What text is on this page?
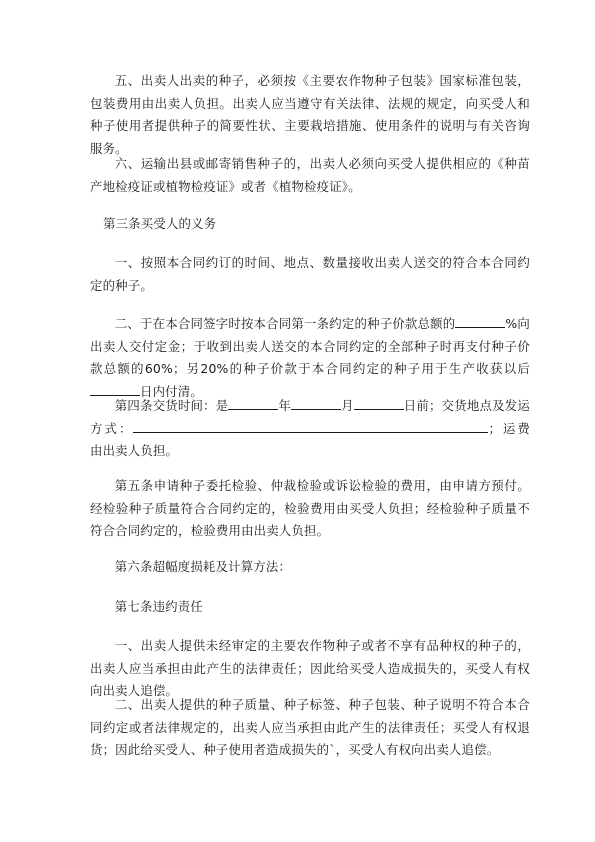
五、出卖人出卖的种子，必须按《主要农作物种子包装》国家标准包装，包装费用由出卖人负担。出卖人应当遵守有关法律、法规的规定，向买受人和种子使用者提供种子的简要性状、主要栽培措施、使用条件的说明与有关咨询服务。

六、运输出县或邮寄销售种子的，出卖人必须向买受人提供相应的《种苗产地检疫证或植物检疫证》或者《植物检疫证》。

第三条买受人的义务

一、按照本合同约订的时间、地点、数量接收出卖人送交的符合本合同约定的种子。

二、于在本合同签字时按本合同第一条约定的种子价款总额的	%向出卖人交付定金；于收到出卖人送交的本合同约定的全部种子时再支付种子价款总额的60%；另20%的种子价款于本合同约定的种子用于生产收获以后日内付清。

第四条交货时间：是	年	月	日前；交货地点及发运方式：	；运费由出卖人负担。

第五条申请种子委托检验、仲裁检验或诉讼检验的费用，由申请方预付。经检验种子质量符合合同约定的，检验费用由买受人负担；经检验种子质量不符合合同约定的，检验费用由出卖人负担。

第六条超幅度损耗及计算方法：

第七条违约责任

一、出卖人提供未经审定的主要农作物种子或者不享有品种权的种子的，出卖人应当承担由此产生的法律责任；因此给买受人造成损失的，买受人有权向出卖人追偿。

二、出卖人提供的种子质量、种子标签、种子包装、种子说明不符合本合同约定或者法律规定的，出卖人应当承担由此产生的法律责任；买受人有权退货；因此给买受人、种子使用者造成损失的`，买受人有权向出卖人追偿。
